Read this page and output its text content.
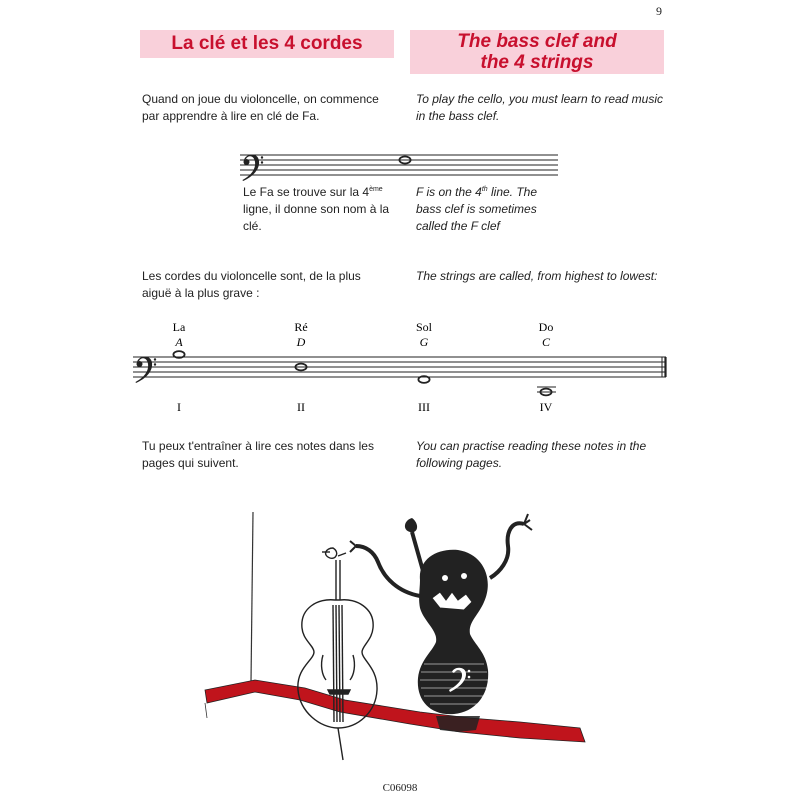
9
La clé et les 4 cordes	The bass clef and
the 4 strings
Quand on joue du violoncelle, on commence par apprendre à lire en clé de Fa.
To play the cello, you must learn to read music in the bass clef.
Le Fa se trouve sur la 4ème ligne, il donne son nom à la clé.
F is on the 4th line. The bass clef is sometimes called the F clef
Les cordes du violoncelle sont, de la plus aiguë à la plus grave :
The strings are called, from highest to lowest:
Tu peux t'entraîner à lire ces notes dans les pages qui suivent.
You can practise reading these notes in the following pages.
La
A
I
Ré
D
II
Sol
G
III
Do
C
IV
C06098
